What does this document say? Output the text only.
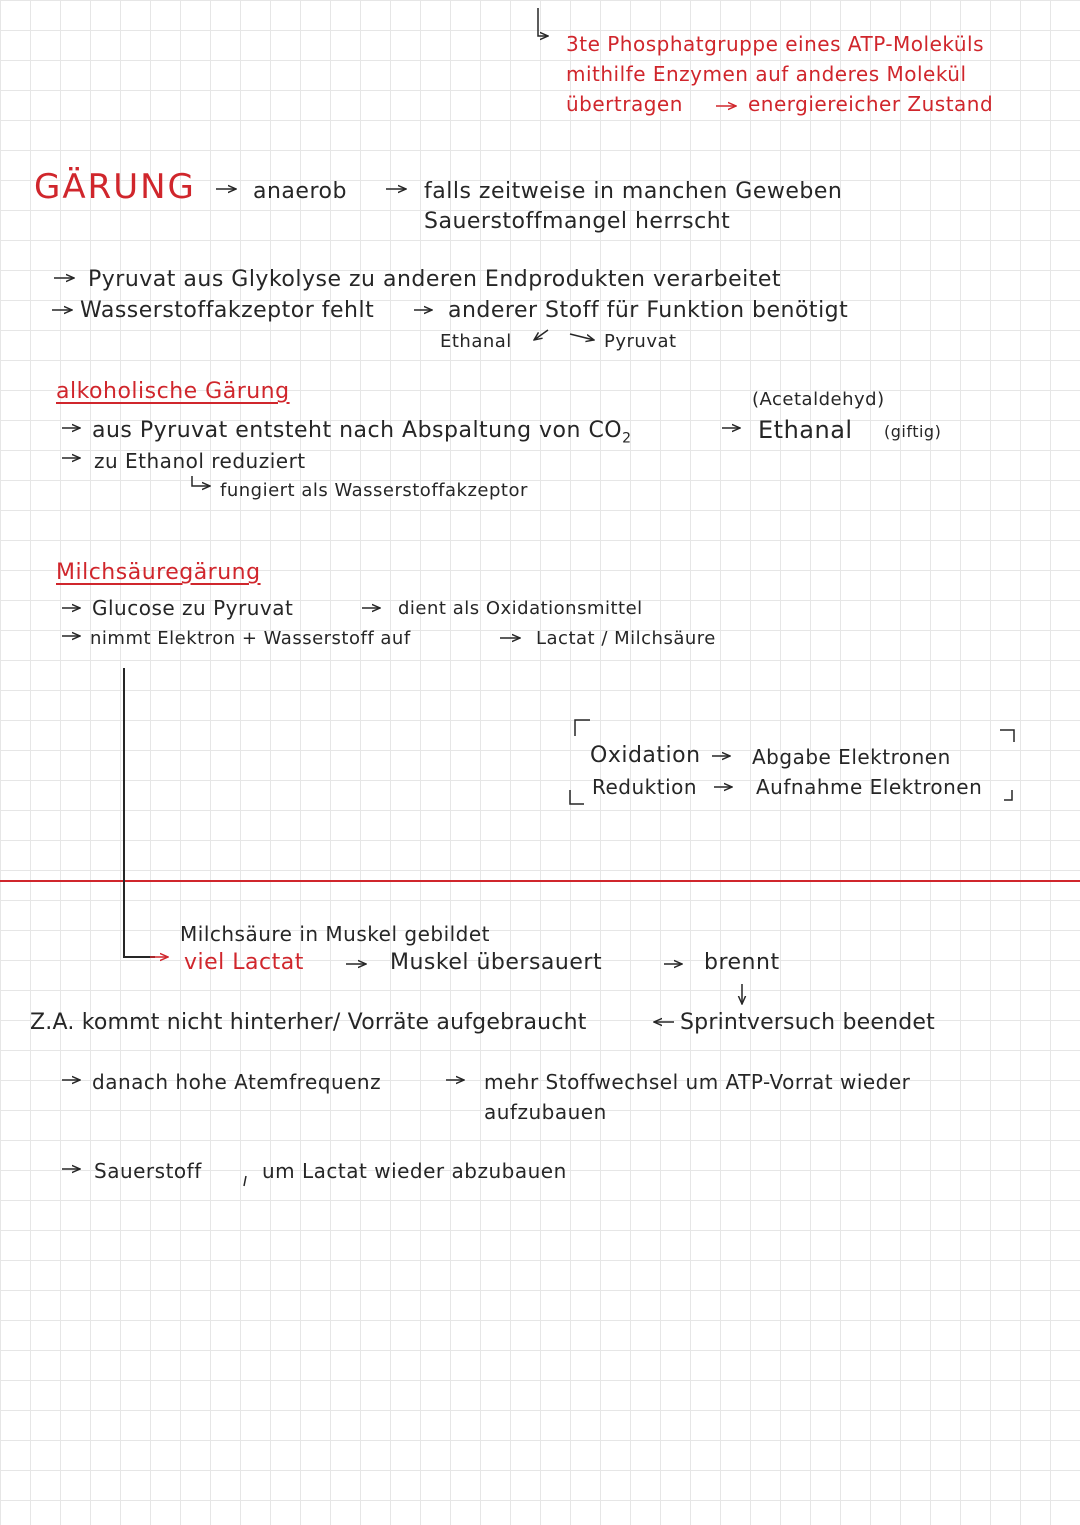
3te Phosphatgruppe eines ATP-Moleküls
mithilfe Enzymen auf anderes Molekül
übertragen	energiereicher Zustand
GÄRUNG	anaerob	falls zeitweise in manchen Geweben
Sauerstoffmangel herrscht
Pyruvat aus Glykolyse zu anderen Endprodukten verarbeitet
Wasserstoffakzeptor fehlt	anderer Stoff für Funktion benötigt
Ethanal	Pyruvat
alkoholische Gärung	(Acetaldehyd)
aus Pyruvat entsteht nach Abspaltung von $CO_2$	Ethanal (giftig)
zu Ethanol reduziert
fungiert als Wasserstoffakzeptor
Milchsäuregärung
Glucose zu Pyruvat	dient als Oxidationsmittel
nimmt Elektron + Wasserstoff auf	Lactat / Milchsäure
Oxidation	Abgabe Elektronen
Reduktion	Aufnahme Elektronen
Milchsäure in Muskel gebildet
viel Lactat	Muskel übersauert	brennt
Z.A. kommt nicht hinterher/ Vorräte aufgebraucht	Sprintversuch beendet
danach hohe Atemfrequenz	mehr Stoffwechsel um ATP-Vorrat wieder
aufzubauen
Sauerstoff	um Lactat wieder abzubauen
